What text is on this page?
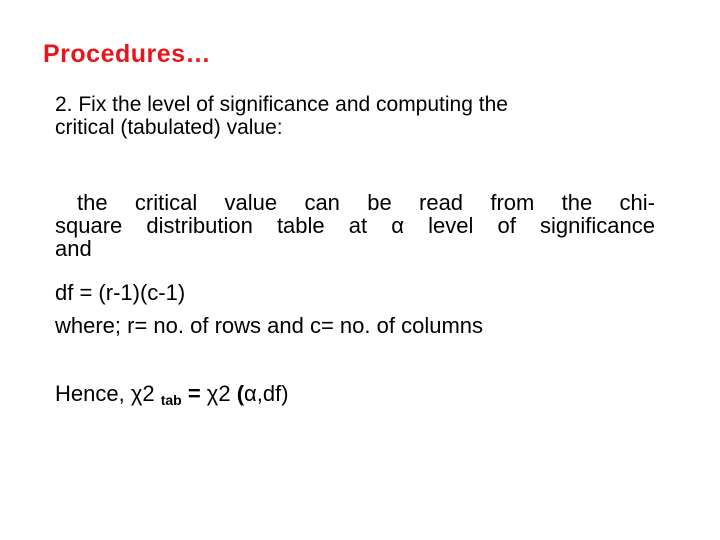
Procedures…
2. Fix the level of significance and computing the
critical (tabulated) value:
the critical value can be read from the chi-
square distribution table at α level of significance
and
df = (r-1)(c-1)
where; r= no. of rows and c= no. of columns
Hence, χ2 tab = χ2 (α,df)
